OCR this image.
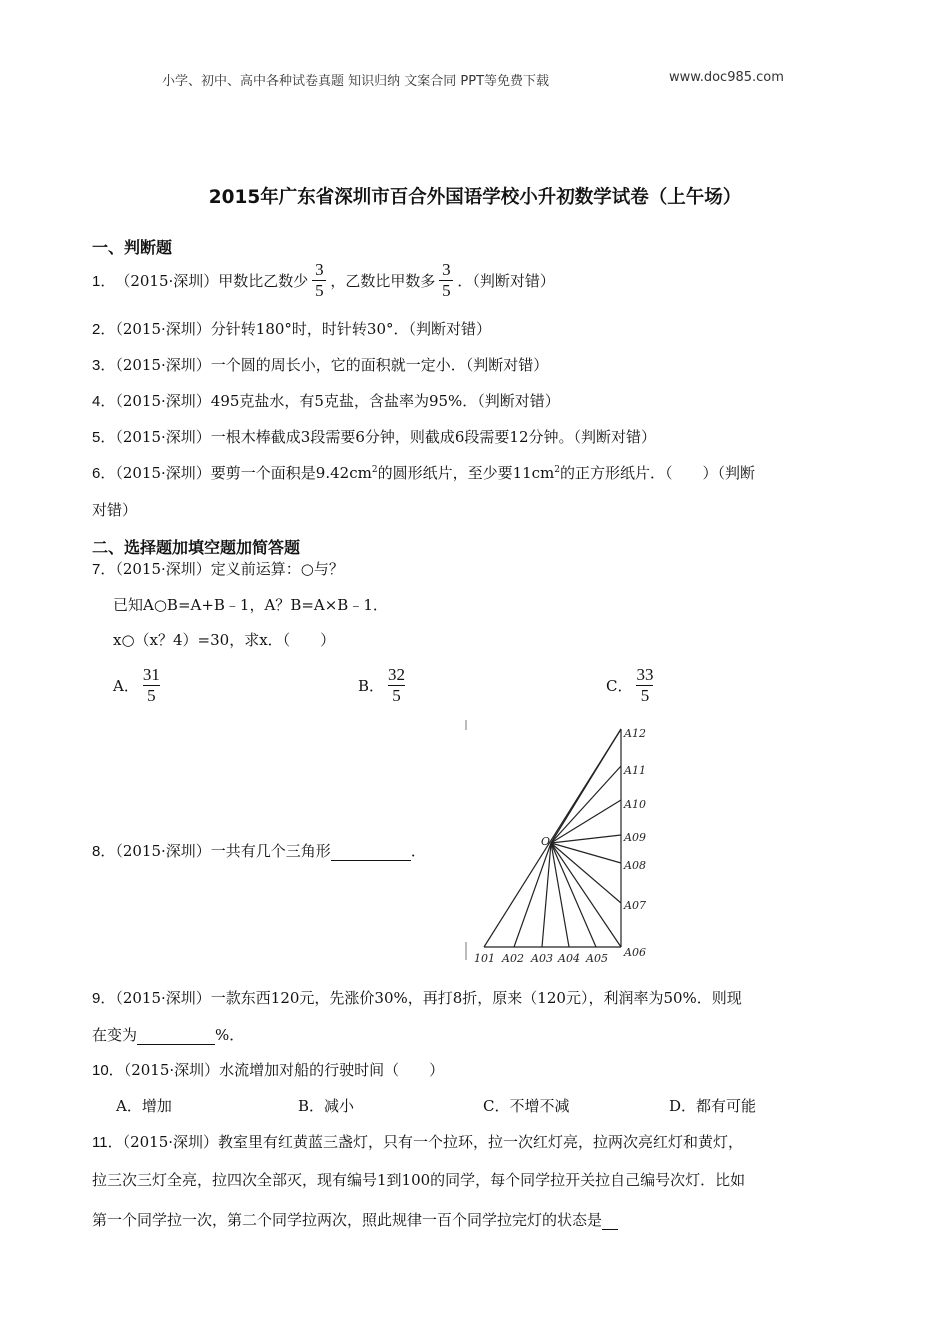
小学、初中、高中各种试卷真题 知识归纳 文案合同 PPT等免费下载	www.doc985.com
2015年广东省深圳市百合外国语学校小升初数学试卷（上午场）
一、判断题
1． （2015·深圳） 甲数比乙数少 $\frac{3}{5}$ ，乙数比甲数多 $\frac{3}{5}$ ．（判断对错）
2．（2015·深圳）分针转180°时，时针转30°．（判断对错）
3．（2015·深圳）一个圆的周长小，它的面积就一定小．（判断对错）
4．（2015·深圳）495克盐水，有5克盐，含盐率为95%．（判断对错）
5．（2015·深圳）一根木棒截成3段需要6分钟，则截成6段需要12分钟。（判断对错）
6．（2015·深圳）要剪一个面积是$9.42cm^2$的圆形纸片，至少要$11cm^2$的正方形纸片．（　　）（判断
对错）
二、选择题加填空题加简答题
7．（2015·深圳）定义前运算：○与？
已知A○B=A+B﹣1，A？B=A×B﹣1．
x○（x？4）=30，求x．（　　）
A． $\frac{31}{5}$	B． $\frac{32}{5}$	C． $\frac{33}{5}$
8．（2015·深圳）一共有几个三角形	．
O
A12
A11
A10
A09
A08
A07
A06
101 A02 A03 A04 A05
9．（2015·深圳）一款东西120元，先涨价30%，再打8折，原来（120元），利润率为50%．则现
在变为	%．
10．（2015·深圳）水流增加对船的行驶时间（　　）
A．增加	B．减小	C．不增不减	D．都有可能
11．（2015·深圳）教室里有红黄蓝三盏灯，只有一个拉环，拉一次红灯亮，拉两次亮红灯和黄灯，
拉三次三灯全亮，拉四次全部灭，现有编号1到100的同学，每个同学拉开关拉自己编号次灯．比如
第一个同学拉一次，第二个同学拉两次，照此规律一百个同学拉完灯的状态是
